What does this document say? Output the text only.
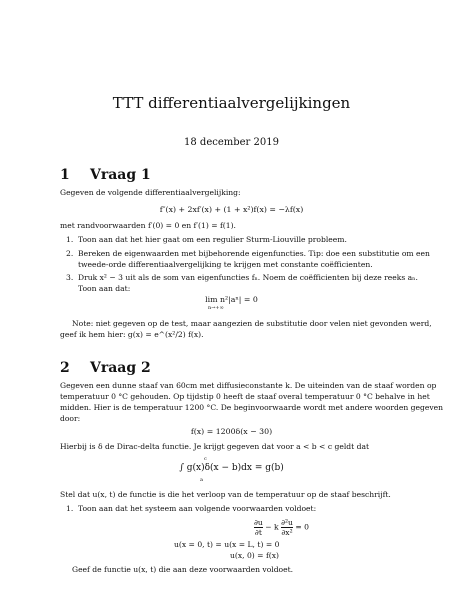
TTT differentiaalvergelijkingen
18 december 2019
1 Vraag 1
Gegeven de volgende differentiaalvergelijking:
f″(x) + 2xf′(x) + (1 + x²)f(x) = −λf(x)
met randvoorwaarden f′(0) = 0 en f′(1) = f(1).
1. Toon aan dat het hier gaat om een regulier Sturm-Liouville probleem.
2. Bereken de eigenwaarden met bijbehorende eigenfuncties. Tip: doe een substitutie om een
tweede-orde differentiaalvergelijking te krijgen met constante coëfficienten.
3. Druk x² − 3 uit als de som van eigenfuncties fₙ. Noem de coëfficienten bij deze reeks aₙ.
Toon aan dat:
lim n²|aⁿ| = 0
n→+∞
Note: niet gegeven op de test, maar aangezien de substitutie door velen niet gevonden werd,
geef ik hem hier: g(x) = e^(x²/2) f(x).
2 Vraag 2
Gegeven een dunne staaf van 60cm met diffusieconstante k. De uiteinden van de staaf worden op
temperatuur 0 °C gehouden. Op tijdstip 0 heeft de staaf overal temperatuur 0 °C behalve in het
midden. Hier is de temperatuur 1200 °C. De beginvoorwaarde wordt met andere woorden gegeven
door:
f(x) = 1200δ(x − 30)
Hierbij is δ de Dirac-delta functie. Je krijgt gegeven dat voor a < b < c geldt dat
c
∫ g(x)δ(x − b)dx = g(b)
a
Stel dat u(x, t) de functie is die het verloop van de temperatuur op de staaf beschrijft.
1. Toon aan dat het systeem aan volgende voorwaarden voldoet:
$\frac{\partial u}{\partial t} - k \frac{\text{∂²u}}{\text{∂x²}} = 0$
u(x = 0, t) = u(x = L, t) = 0
u(x, 0) = f(x)
Geef de functie u(x, t) die aan deze voorwaarden voldoet.
